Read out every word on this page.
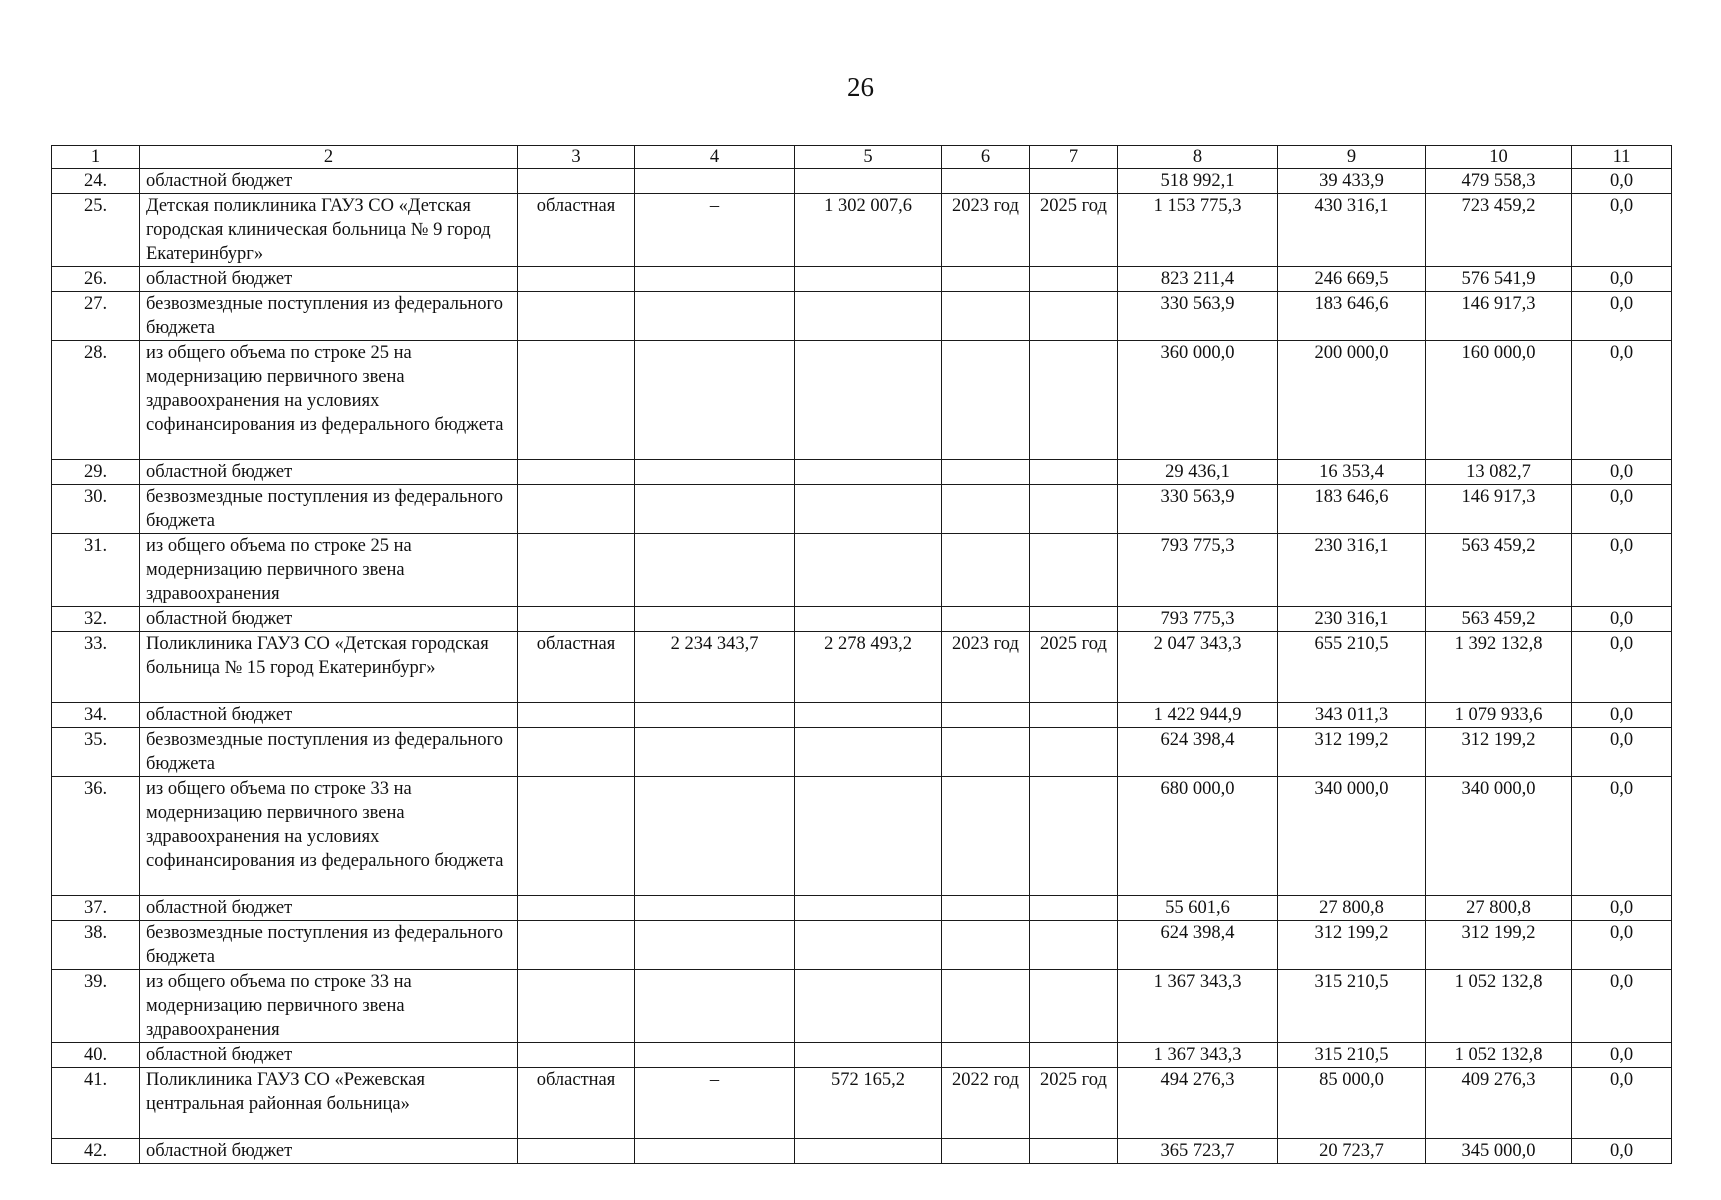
26
1	2	3	4	5	6	7	8	9	10	11
24.	областной бюджет						518 992,1	39 433,9	479 558,3	0,0
25.	Детская поликлиника ГАУЗ СО «Детская городская клиническая больница № 9 город Екатеринбург»	областная	–	1 302 007,6	2023 год	2025 год	1 153 775,3	430 316,1	723 459,2	0,0
26.	областной бюджет						823 211,4	246 669,5	576 541,9	0,0
27.	безвозмездные поступления из федерального бюджета						330 563,9	183 646,6	146 917,3	0,0
28.	из общего объема по строке 25 на модернизацию первичного звена здравоохранения на условиях софинансирования из федерального бюджета						360 000,0	200 000,0	160 000,0	0,0
29.	областной бюджет						29 436,1	16 353,4	13 082,7	0,0
30.	безвозмездные поступления из федерального бюджета						330 563,9	183 646,6	146 917,3	0,0
31.	из общего объема по строке 25 на модернизацию первичного звена здравоохранения						793 775,3	230 316,1	563 459,2	0,0
32.	областной бюджет						793 775,3	230 316,1	563 459,2	0,0
33.	Поликлиника ГАУЗ СО «Детская городская больница № 15 город Екатеринбург»	областная	2 234 343,7	2 278 493,2	2023 год	2025 год	2 047 343,3	655 210,5	1 392 132,8	0,0
34.	областной бюджет						1 422 944,9	343 011,3	1 079 933,6	0,0
35.	безвозмездные поступления из федерального бюджета						624 398,4	312 199,2	312 199,2	0,0
36.	из общего объема по строке 33 на модернизацию первичного звена здравоохранения на условиях софинансирования из федерального бюджета						680 000,0	340 000,0	340 000,0	0,0
37.	областной бюджет						55 601,6	27 800,8	27 800,8	0,0
38.	безвозмездные поступления из федерального бюджета						624 398,4	312 199,2	312 199,2	0,0
39.	из общего объема по строке 33 на модернизацию первичного звена здравоохранения						1 367 343,3	315 210,5	1 052 132,8	0,0
40.	областной бюджет						1 367 343,3	315 210,5	1 052 132,8	0,0
41.	Поликлиника ГАУЗ СО «Режевская центральная районная больница»	областная	–	572 165,2	2022 год	2025 год	494 276,3	85 000,0	409 276,3	0,0
42.	областной бюджет						365 723,7	20 723,7	345 000,0	0,0
